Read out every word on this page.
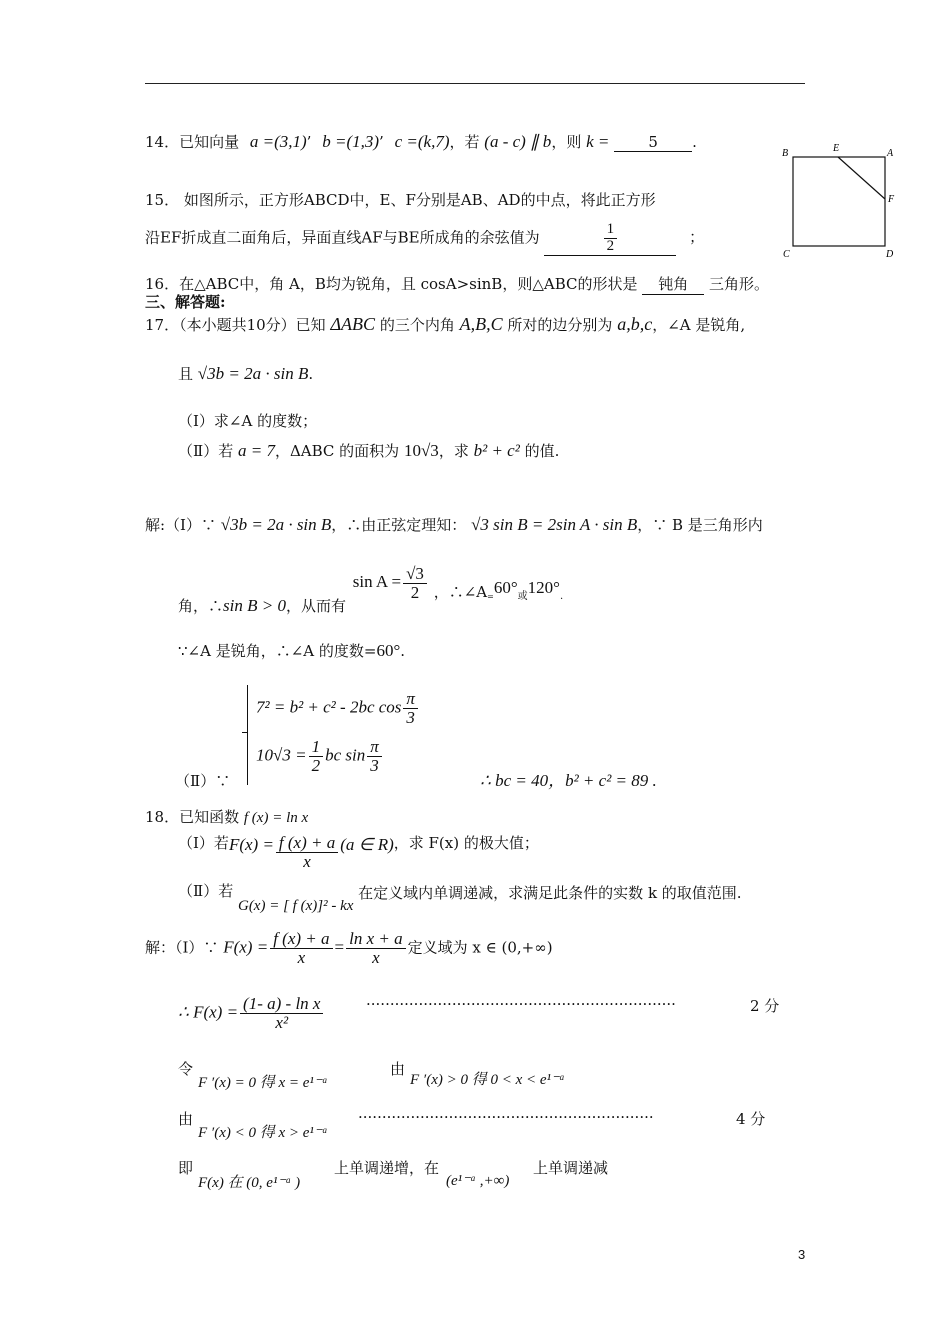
14．已知向量 a =(3,1)’ b =(1,3)’ c =(k,7)，若 (a - c) ∥ b，则 k =	5 .
B	E	A
F
C	D
15． 如图所示，正方形ABCD中，E、F分别是AB、AD的中点，将此正方形
沿EF折成直二面角后，异面直线AF与BE所成角的余弦值为	$\frac{1}{2}$	；
16．在△ABC中，角 A，B均为锐角，且 cosA>sinB，则△ABC的形状是 钝角 三角形。
三、解答题:
17．（本小题共10分）已知 ΔABC 的三个内角 A,B,C 所对的边分别为 a,b,c，∠A 是锐角,
且 √3b = 2a · sin B.
（Ⅰ）求∠A 的度数；
（Ⅱ）若 a = 7，ΔABC 的面积为 10√3，求 b² + c² 的值.
解:（Ⅰ）∵ √3b = 2a · sin B，∴由正弦定理知： √3 sin B = 2sin A · sin B，∵ B 是三角形内
角，∴sin B > 0，从而有 $\sin A = \frac{√3}{2}$ ，$\therefore\angle A_=60^\circ_或120^\circ_.$
∵∠A 是锐角，∴∠A 的度数=60°.
7² = b² + c² - 2bc $\cos \frac{\pi}{3}$
$10√3 = \frac{1}{2}$ bc $\sin \frac{\pi}{3}$
（Ⅱ）∵	∴ bc = 40，b² + c² = 89 .
18．已知函数 f (x) = ln x
（Ⅰ）若$F(x) = \frac{f (x) + a}{x} (a$ ∈ R)，求 F(x) 的极大值；
（Ⅱ）若 G(x) = [ f (x)]² - kx 在定义域内单调递减，求满足此条件的实数 k 的取值范围.
解：（Ⅰ）∵ $F(x) = \frac{f (x) + a}{x} = \frac{\text{ln x + a}}{x}$ 定义域为 x ∈ (0,+∞)
∴ $F(x) = \frac{\text{(1- a) - ln x}}{\text{x²}}$	·································································	2 分
令
F ′(x) = 0 得 x = e¹⁻ᵃ
由
F ′(x) > 0 得 0 < x < e¹⁻ᵃ
由
F ′(x) < 0 得 x > e¹⁻ᵃ
······························································	4 分
即
F(x) 在 (0, e¹⁻ᵃ )
上单调递增，在
(e¹⁻ᵃ ,+∞)
上单调递减
3
